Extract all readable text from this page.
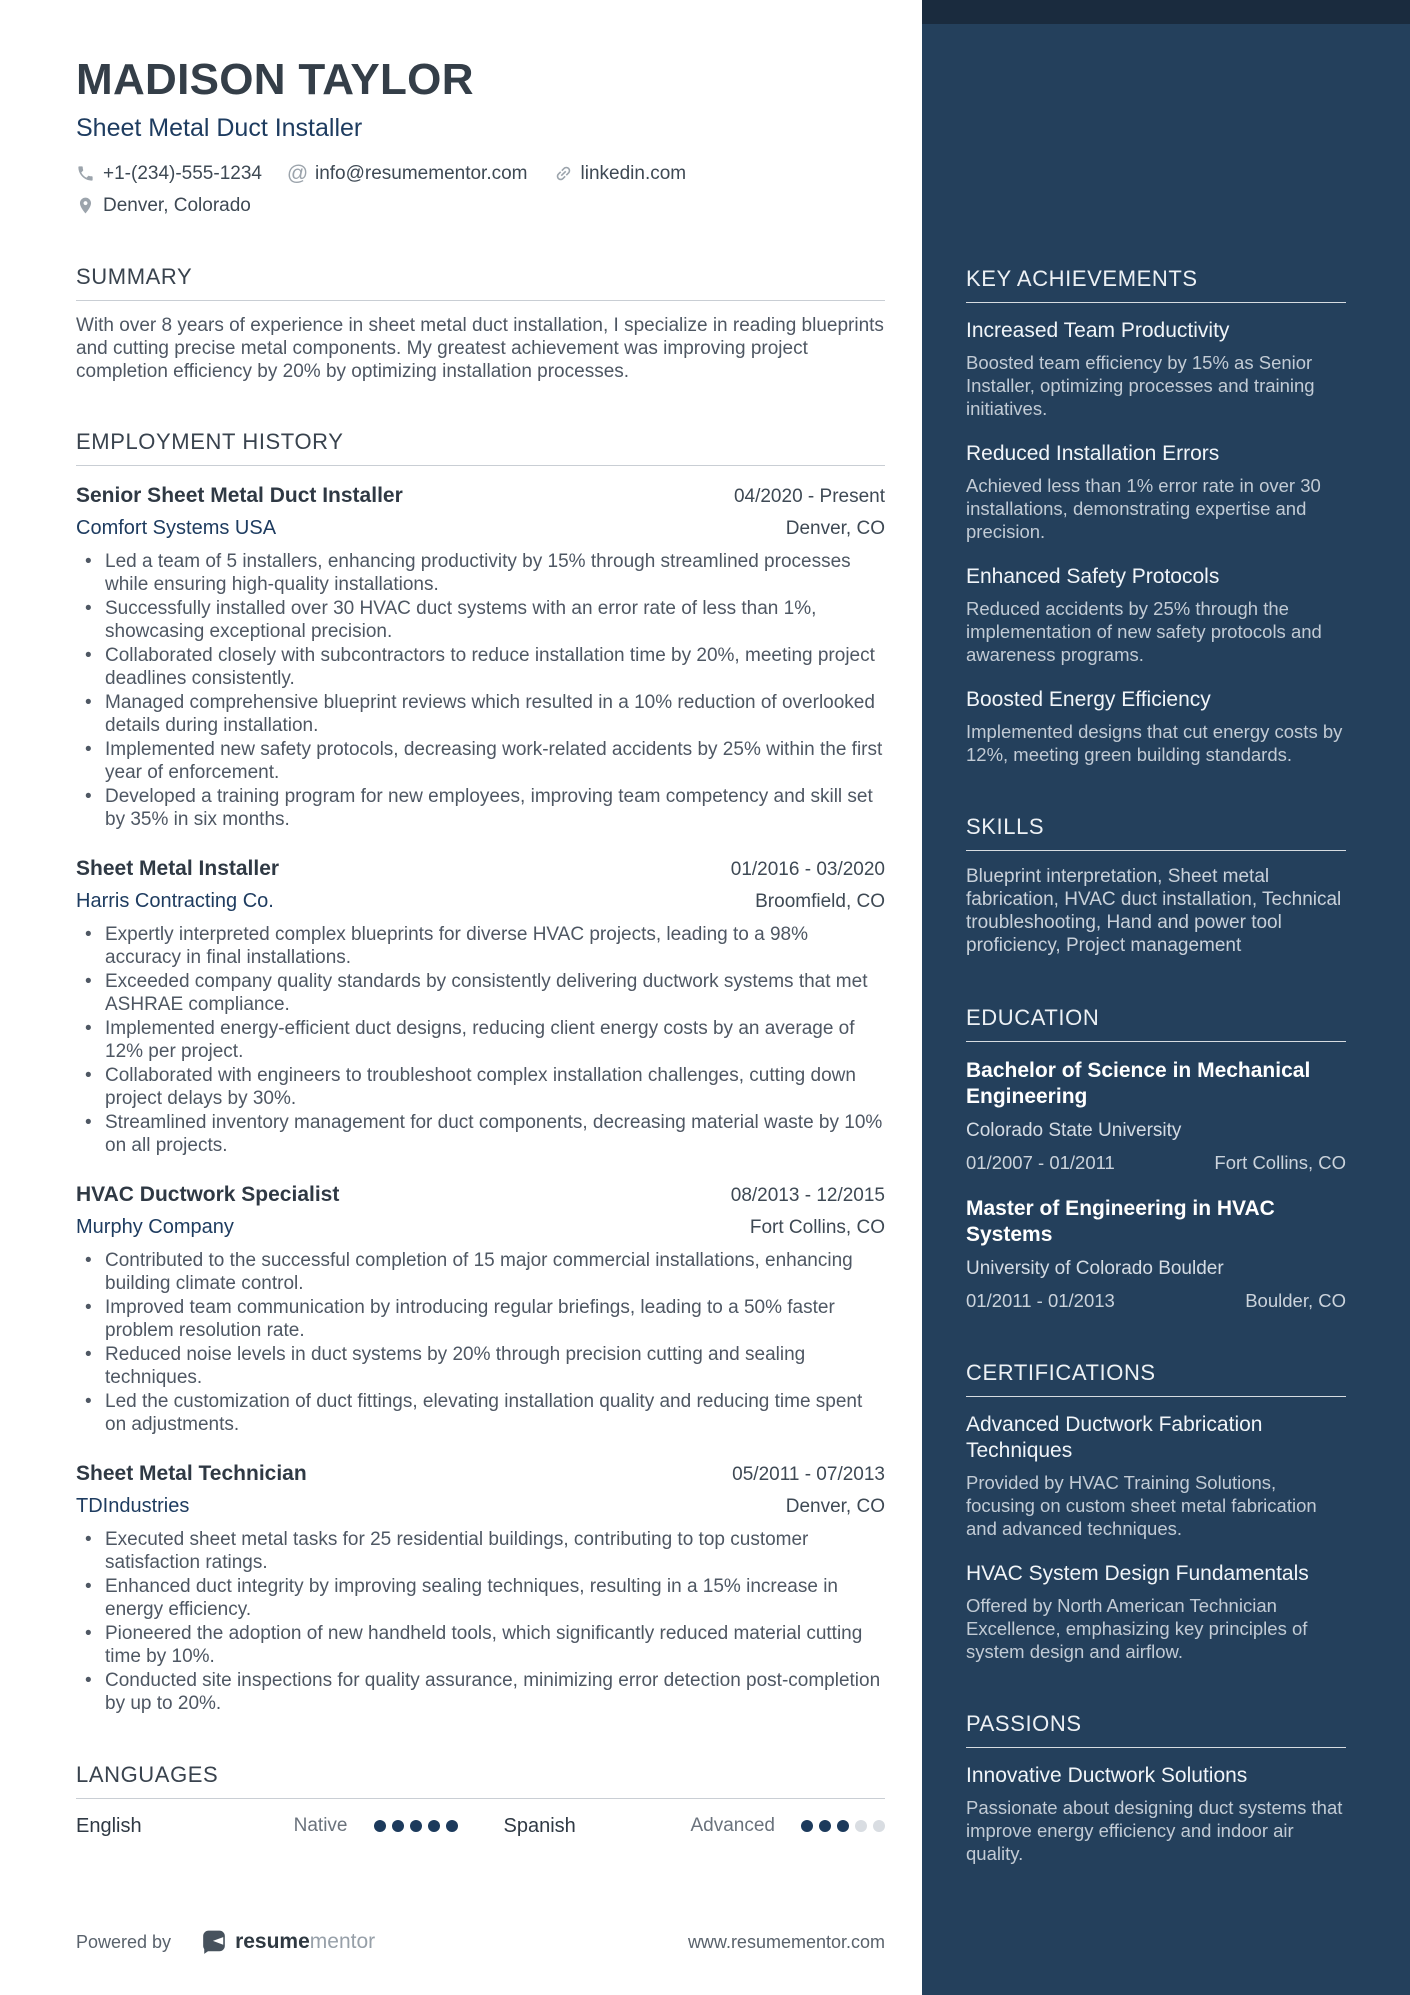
MADISON TAYLOR
Sheet Metal Duct Installer
+1-(234)-555-1234 @ info@resumementor.com	linkedin.com
Denver, Colorado
SUMMARY

With over 8 years of experience in sheet metal duct installation, I specialize in reading blueprints and cutting precise metal components. My greatest achievement was improving project completion efficiency by 20% by optimizing installation processes.

EMPLOYMENT HISTORY
Senior Sheet Metal Duct Installer	04/2020 - Present
Comfort Systems USA	Denver, CO
• Led a team of 5 installers, enhancing productivity by 15% through streamlined processes while ensuring high-quality installations.
• Successfully installed over 30 HVAC duct systems with an error rate of less than 1%, showcasing exceptional precision.
• Collaborated closely with subcontractors to reduce installation time by 20%, meeting project deadlines consistently.
• Managed comprehensive blueprint reviews which resulted in a 10% reduction of overlooked details during installation.
• Implemented new safety protocols, decreasing work-related accidents by 25% within the first year of enforcement.
• Developed a training program for new employees, improving team competency and skill set by 35% in six months.
Sheet Metal Installer	01/2016 - 03/2020
Harris Contracting Co.	Broomfield, CO
• Expertly interpreted complex blueprints for diverse HVAC projects, leading to a 98% accuracy in final installations.
• Exceeded company quality standards by consistently delivering ductwork systems that met ASHRAE compliance.
• Implemented energy-efficient duct designs, reducing client energy costs by an average of 12% per project.
• Collaborated with engineers to troubleshoot complex installation challenges, cutting down project delays by 30%.
• Streamlined inventory management for duct components, decreasing material waste by 10% on all projects.
HVAC Ductwork Specialist	08/2013 - 12/2015
Murphy Company	Fort Collins, CO
• Contributed to the successful completion of 15 major commercial installations, enhancing building climate control.
• Improved team communication by introducing regular briefings, leading to a 50% faster problem resolution rate.
• Reduced noise levels in duct systems by 20% through precision cutting and sealing techniques.
• Led the customization of duct fittings, elevating installation quality and reducing time spent on adjustments.
Sheet Metal Technician	05/2011 - 07/2013
TDIndustries	Denver, CO
• Executed sheet metal tasks for 25 residential buildings, contributing to top customer satisfaction ratings.
• Enhanced duct integrity by improving sealing techniques, resulting in a 15% increase in energy efficiency.
• Pioneered the adoption of new handheld tools, which significantly reduced material cutting time by 10%.
• Conducted site inspections for quality assurance, minimizing error detection post-completion by up to 20%.
LANGUAGES
English	Native	Spanish	Advanced
Powered by	resumementor	www.resumementor.com
KEY ACHIEVEMENTS
Increased Team Productivity

Boosted team efficiency by 15% as Senior Installer, optimizing processes and training initiatives.

Reduced Installation Errors

Achieved less than 1% error rate in over 30 installations, demonstrating expertise and precision.

Enhanced Safety Protocols

Reduced accidents by 25% through the implementation of new safety protocols and awareness programs.

Boosted Energy Efficiency

Implemented designs that cut energy costs by 12%, meeting green building standards.

SKILLS
Blueprint interpretation, Sheet metal fabrication, HVAC duct installation, Technical troubleshooting, Hand and power tool proficiency, Project management
EDUCATION
Bachelor of Science in Mechanical Engineering
Colorado State University
01/2007 - 01/2011	Fort Collins, CO
Master of Engineering in HVAC Systems
University of Colorado Boulder
01/2011 - 01/2013	Boulder, CO
CERTIFICATIONS
Advanced Ductwork Fabrication Techniques

Provided by HVAC Training Solutions, focusing on custom sheet metal fabrication and advanced techniques.

HVAC System Design Fundamentals

Offered by North American Technician Excellence, emphasizing key principles of system design and airflow.

PASSIONS
Innovative Ductwork Solutions

Passionate about designing duct systems that improve energy efficiency and indoor air quality.
